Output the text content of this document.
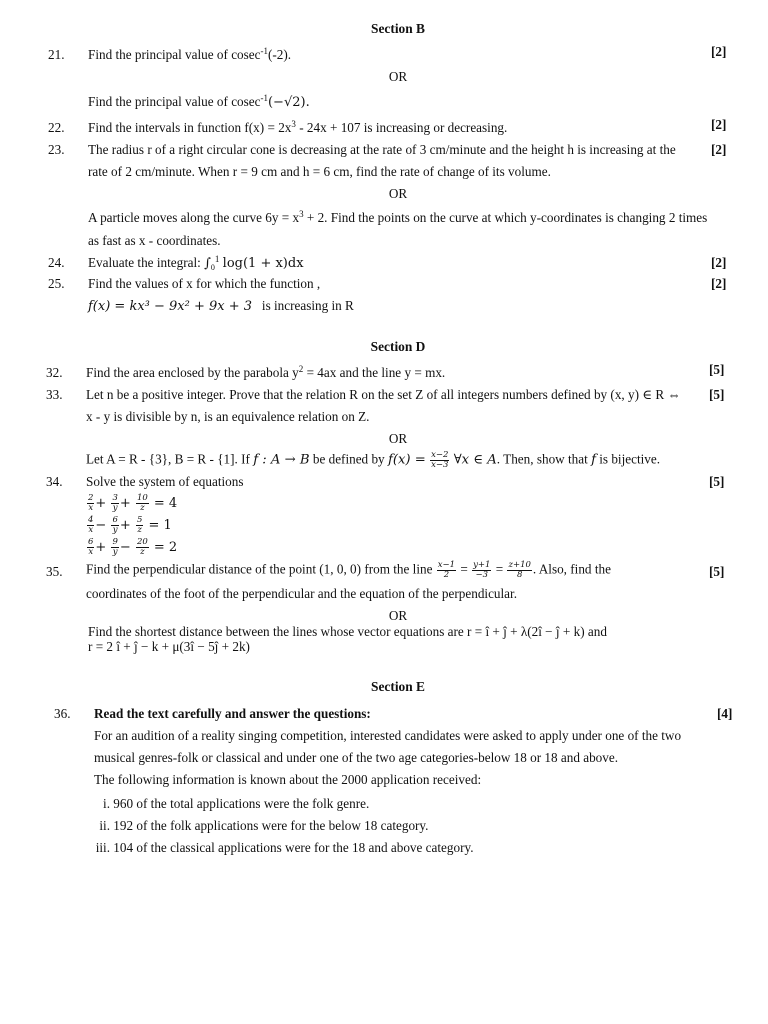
Section B
21. Find the principal value of cosec$^{-1}$(-2).	[2]
OR
Find the principal value of cosec$^{-1}$(−√2).
22. Find the intervals in function $f(x) = 2x^3 - 24x + 107$ is increasing or decreasing.	[2]
23. The radius r of a right circular cone is decreasing at the rate of 3 cm/minute and the height h is increasing at the	[2]
rate of 2 cm/minute. When r = 9 cm and h = 6 cm, find the rate of change of its volume.
OR
A particle moves along the curve $6y = x^3 + 2$. Find the points on the curve at which y-coordinates is changing 2 times
as fast as x - coordinates.
24. Evaluate the integral: $\int_0^1$ log(1 + x)dx	[2]
25. Find the values of x for which the function ,	[2]
f(x) = kx³ − 9x² + 9x + 3 is increasing in R
Section D
32. Find the area enclosed by the parabola $y^2 = 4ax$ and the line y = mx.	[5]
33. Let n be a positive integer. Prove that the relation R on the set Z of all integers numbers defined by (x, y) ∈ R ⇔ [5]
x - y is divisible by n, is an equivalence relation on Z.
OR
Let A = R - {3}, B = R - {1]. If f : A → B be defined by $f(x) = \frac{x-2}{x-3}$ ∀x ∈ A. Then, show that f is bijective.
34. Solve the system of equations	[5]
$\frac{2}{x} + \frac{3}{y} + \frac{10}{z} = 4$
$\frac{4}{x} - \frac{6}{y} + \frac{5}{z} = 1$
$\frac{6}{x} + \frac{9}{y} - \frac{20}{z} = 2$
35. Find the perpendicular distance of the point (1, 0, 0) from the line $\frac{x-1}{2} = \frac{y+1}{-3} = \frac{z+10}{8}$ . Also, find the	[5]
coordinates of the foot of the perpendicular and the equation of the perpendicular.
OR
Find the shortest distance between the lines whose vector equations are r = î + ĵ + λ(2î − ĵ + k) and
r = 2 î + ĵ − k + μ(3î − 5ĵ + 2k)
Section E
36. Read the text carefully and answer the questions:	[4]
For an audition of a reality singing competition, interested candidates were asked to apply under one of the two
musical genres-folk or classical and under one of the two age categories-below 18 or 18 and above.
The following information is known about the 2000 application received:
i. 960 of the total applications were the folk genre.
ii. 192 of the folk applications were for the below 18 category.
iii. 104 of the classical applications were for the 18 and above category.
